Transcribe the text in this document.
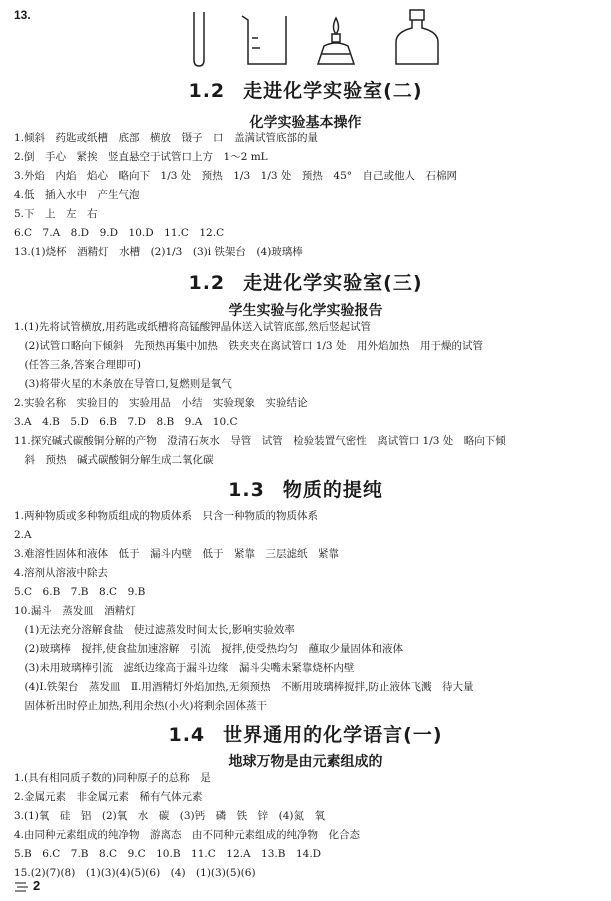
13.
1.2 走进化学实验室(二)
化学实验基本操作
1.倾斜　药匙或纸槽　底部　横放　镊子　口　盖满试管底部的量
2.倒　手心　紧挨　竖直悬空于试管口上方　1～2 mL
3.外焰　内焰　焰心　略向下　1/3 处　预热　1/3　1/3 处　预热　45°　自己或他人　石棉网
4.低　插入水中　产生气泡
5.下　上　左　右
6.C　7.A　8.D　9.D　10.D　11.C　12.C
13.(1)烧杯　酒精灯　水槽　(2)1/3　(3)i 铁架台　(4)玻璃棒
1.2 走进化学实验室(三)
学生实验与化学实验报告
1.(1)先将试管横放,用药匙或纸槽将高锰酸钾晶体送入试管底部,然后竖起试管
　(2)试管口略向下倾斜　先预热再集中加热　铁夹夹在离试管口 1/3 处　用外焰加热　用于燥的试管
　(任答三条,答案合理即可)
　(3)将带火星的木条放在导管口,复燃则是氧气
2.实验名称　实验目的　实验用品　小结　实验现象　实验结论
3.A　4.B　5.D　6.B　7.D　8.B　9.A　10.C
11.探究碱式碳酸铜分解的产物　澄清石灰水　导管　试管　检验装置气密性　离试管口 1/3 处　略向下倾
　斜　预热　碱式碳酸铜分解生成二氧化碳
1.3 物质的提纯
1.两种物质或多种物质组成的物质体系　只含一种物质的物质体系
2.A
3.难溶性固体和液体　低于　漏斗内壁　低于　紧靠　三层滤纸　紧靠
4.溶剂从溶液中除去
5.C　6.B　7.B　8.C　9.B
10.漏斗　蒸发皿　酒精灯
　(1)无法充分溶解食盐　使过滤蒸发时间太长,影响实验效率
　(2)玻璃棒　搅拌,使食盐加速溶解　引流　搅拌,使受热均匀　蘸取少量固体和液体
　(3)未用玻璃棒引流　滤纸边缘高于漏斗边缘　漏斗尖嘴未紧靠烧杯内壁
　(4)Ⅰ.铁架台　蒸发皿　Ⅱ.用酒精灯外焰加热,无须预热　不断用玻璃棒搅拌,防止液体飞溅　待大量
　固体析出时停止加热,利用余热(小火)将剩余固体蒸干
1.4 世界通用的化学语言(一)
地球万物是由元素组成的
1.(具有相同质子数的)同种原子的总称　是
2.金属元素　非金属元素　稀有气体元素
3.(1)氧　硅　铝　(2)氧　水　碳　(3)钙　磷　铁　锌　(4)氮　氧
4.由同种元素组成的纯净物　游离态　由不同种元素组成的纯净物　化合态
5.B　6.C　7.B　8.C　9.C　10.B　11.C　12.A　13.B　14.D
15.(2)(7)(8)　(1)(3)(4)(5)(6)　(4)　(1)(3)(5)(6)
2
